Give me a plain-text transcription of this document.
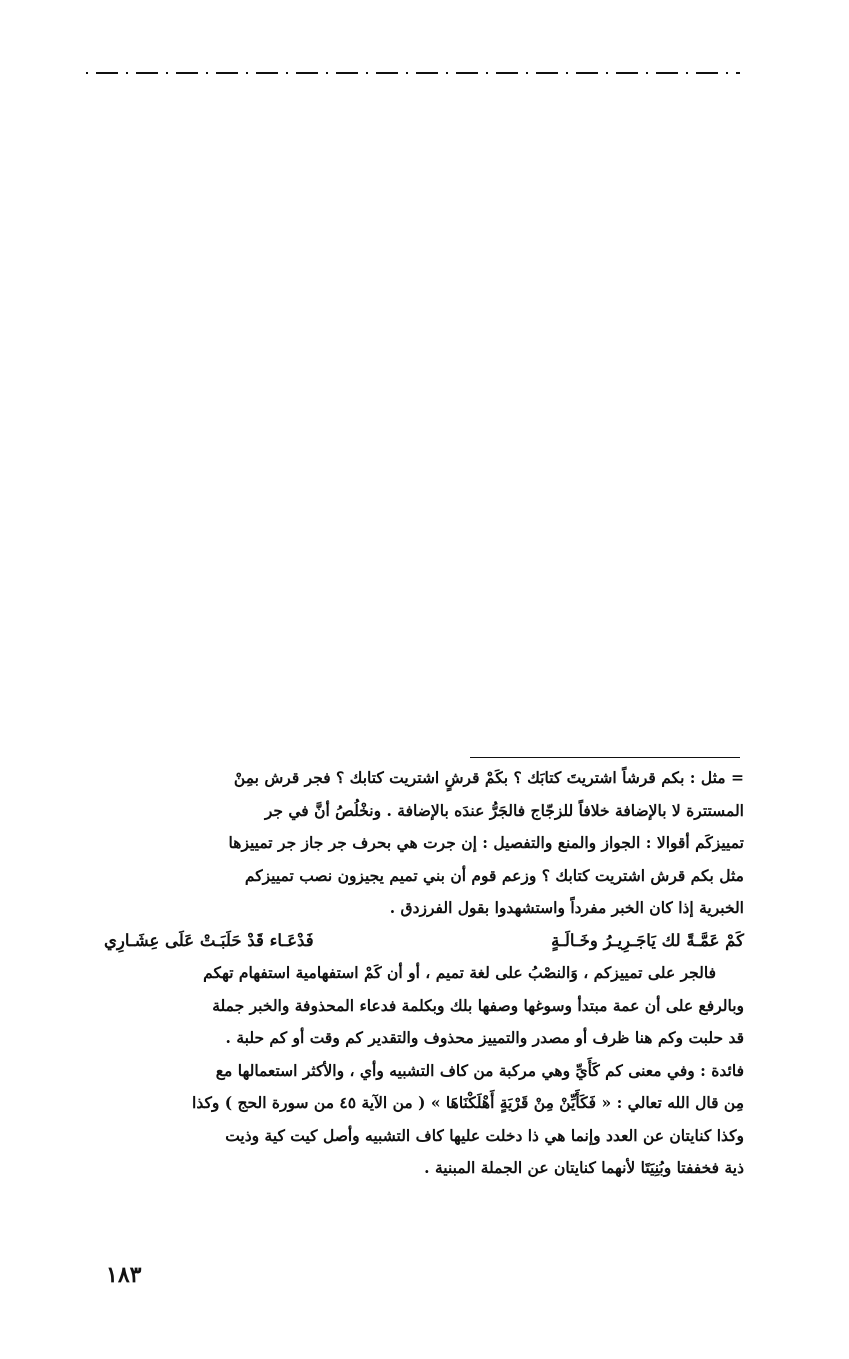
= مثل : بكم قرشاً اشتريتَ كتابَك ؟ بكَمْ قرشٍ اشتريت كتابك ؟ فجر قرش بمِنْ

المستترة لا بالإضافة خلافاً للزجّاج فالجَرُّ عندَه بالإضافة . ونخْلُصُ أنَّ في جر

تمييزكَم أقوالا : الجواز والمنع والتفصيل : إن جرت هي بحرف جر جاز جر تمييزها

مثل بكم قرش اشتريت كتابك ؟ وزعم قوم أن بني تميم يجيزون نصب تمييزكم

الخبرية إذا كان الخبر مفرداً واستشهدوا بقول الفرزدق .

كَمْ عَمَّـةً لك يَاجَـرِيـرُ وخَـالَـةٍ
فَدْعَـاء قَدْ حَلَبَـتْ عَلَى عِشَـارِي

فالجر على تمييزكم ، وَالنصْبُ على لغة تميم ، أو أن كَمْ استفهامية استفهام تهكم

وبالرفع على أن عمة مبتدأ وسوغها وصفها بلك وبكلمة فدعاء المحذوفة والخبر جملة

قد حلبت وكم هنا ظرف أو مصدر والتمييز محذوف والتقدير كم وقت أو كم حلبة .

فائدة : وفي معنى كم كَأَيِّ وهي مركبة من كاف التشبيه وأي ، والأكثر استعمالها مع

مِن قال الله تعالي : « فَكَأَيِّنْ مِنْ قَرْيَةٍ أَهْلَكْنَاهَا » ( من الآية ٤٥ من سورة الحج ) وكذا

وكذا كنايتان عن العدد وإنما هي ذا دخلت عليها كاف التشبيه وأصل كيت كية وذيت

ذية فخففتا وبُنِيَتَا لأنهما كنايتان عن الجملة المبنية .

١٨٣
